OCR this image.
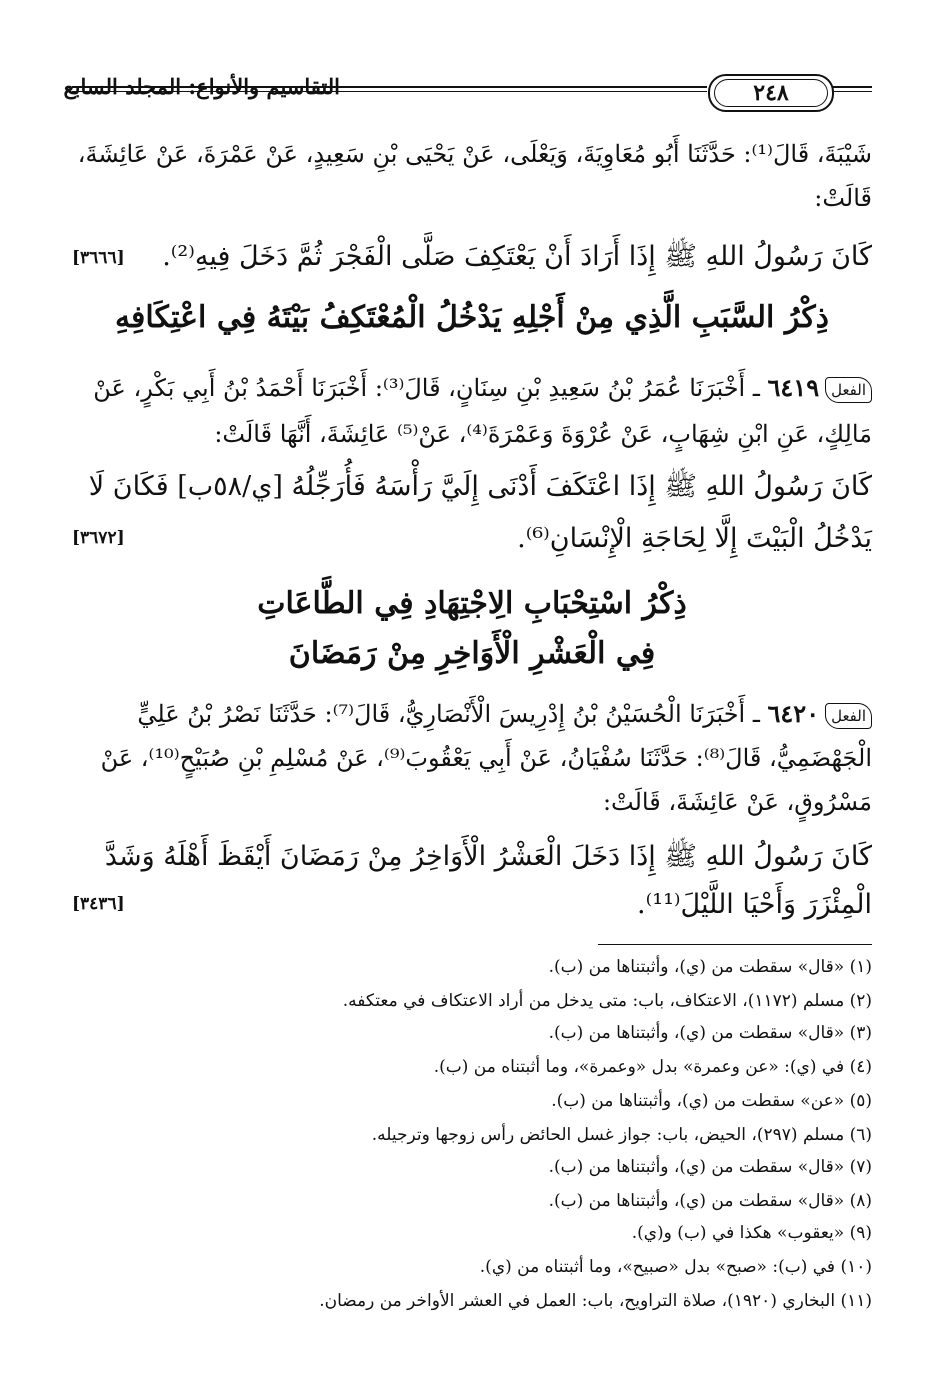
التقاسيم والأنواع: المجلد السابع	٢٤٨
شَيْبَةَ، قَالَ⁽¹⁾: حَدَّثَنَا أَبُو مُعَاوِيَةَ، وَيَعْلَى، عَنْ يَحْيَى بْنِ سَعِيدٍ، عَنْ عَمْرَةَ، عَنْ عَائِشَةَ،
قَالَتْ:
كَانَ رَسُولُ اللهِ ﷺ إِذَا أَرَادَ أَنْ يَعْتَكِفَ صَلَّى الْفَجْرَ ثُمَّ دَخَلَ فِيهِ⁽²⁾.
[٣٦٦٦]
ذِكْرُ السَّبَبِ الَّذِي مِنْ أَجْلِهِ يَدْخُلُ الْمُعْتَكِفُ بَيْتَهُ فِي اعْتِكَافِهِ
الفعل٦٤١٩ ـ أَخْبَرَنَا عُمَرُ بْنُ سَعِيدِ بْنِ سِنَانٍ، قَالَ⁽³⁾: أَخْبَرَنَا أَحْمَدُ بْنُ أَبِي بَكْرٍ، عَنْ
مَالِكٍ، عَنِ ابْنِ شِهَابٍ، عَنْ عُرْوَةَ وَعَمْرَةَ⁽⁴⁾، عَنْ⁽⁵⁾ عَائِشَةَ، أَنَّهَا قَالَتْ:
كَانَ رَسُولُ اللهِ ﷺ إِذَا اعْتَكَفَ أَدْنَى إِلَيَّ رَأْسَهُ فَأُرَجِّلُهُ [ي/٥٨ب] فَكَانَ لَا
يَدْخُلُ الْبَيْتَ إِلَّا لِحَاجَةِ الْإِنْسَانِ⁽⁶⁾.
[٣٦٧٢]
ذِكْرُ اسْتِحْبَابِ الِاجْتِهَادِ فِي الطَّاعَاتِ
فِي الْعَشْرِ الْأَوَاخِرِ مِنْ رَمَضَانَ
الفعل٦٤٢٠ ـ أَخْبَرَنَا الْحُسَيْنُ بْنُ إِدْرِيسَ الْأَنْصَارِيُّ، قَالَ⁽⁷⁾: حَدَّثَنَا نَصْرُ بْنُ عَلِيٍّ
الْجَهْضَمِيُّ، قَالَ⁽⁸⁾: حَدَّثَنَا سُفْيَانُ، عَنْ أَبِي يَعْقُوبَ⁽⁹⁾، عَنْ مُسْلِمِ بْنِ صُبَيْحٍ⁽¹⁰⁾، عَنْ
مَسْرُوقٍ، عَنْ عَائِشَةَ، قَالَتْ:
كَانَ رَسُولُ اللهِ ﷺ إِذَا دَخَلَ الْعَشْرُ الْأَوَاخِرُ مِنْ رَمَضَانَ أَيْقَظَ أَهْلَهُ وَشَدَّ
الْمِئْزَرَ وَأَحْيَا اللَّيْلَ⁽¹¹⁾.
[٣٤٣٦]
(١) «قال» سقطت من (ي)، وأثبتناها من (ب).
(٢) مسلم (١١٧٢)، الاعتكاف، باب: متى يدخل من أراد الاعتكاف في معتكفه.
(٣) «قال» سقطت من (ي)، وأثبتناها من (ب).
(٤) في (ي): «عن وعمرة» بدل «وعمرة»، وما أثبتناه من (ب).
(٥) «عن» سقطت من (ي)، وأثبتناها من (ب).
(٦) مسلم (٢٩٧)، الحيض، باب: جواز غسل الحائض رأس زوجها وترجيله.
(٧) «قال» سقطت من (ي)، وأثبتناها من (ب).
(٨) «قال» سقطت من (ي)، وأثبتناها من (ب).
(٩) «يعقوب» هكذا في (ب) و(ي).
(١٠) في (ب): «صبح» بدل «صبيح»، وما أثبتناه من (ي).
(١١) البخاري (١٩٢٠)، صلاة التراويح، باب: العمل في العشر الأواخر من رمضان.
